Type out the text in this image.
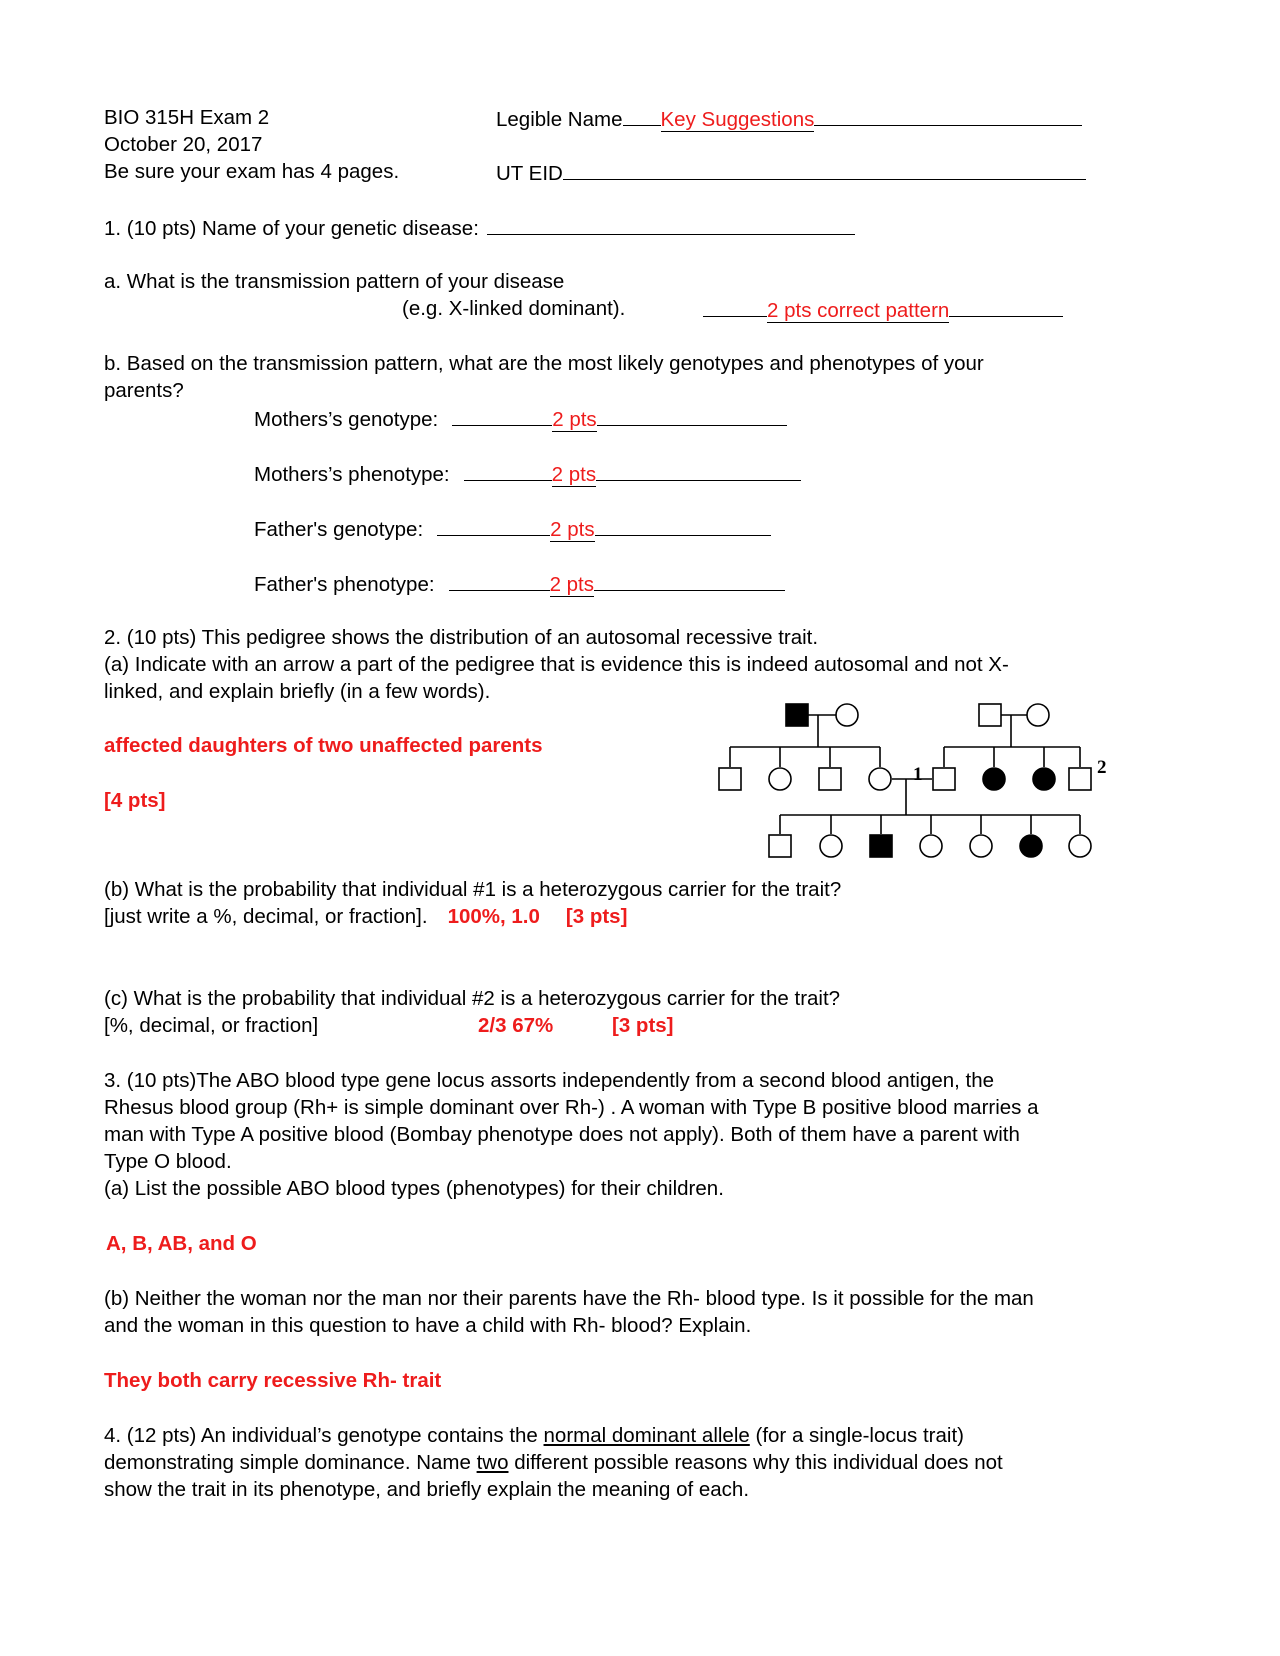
BIO 315H Exam 2
October 20, 2017
Be sure your exam has 4 pages.
Legible Name Key Suggestions
UT EID
1. (10 pts) Name of your genetic disease:
a. What is the transmission pattern of your disease
(e.g. X-linked dominant).	2 pts correct pattern
b. Based on the transmission pattern, what are the most likely genotypes and phenotypes of your
parents?
Mothers’s genotype:	2 pts
Mothers’s phenotype:	2 pts
Father's genotype:	2 pts
Father's phenotype:	2 pts
2. (10 pts) This pedigree shows the distribution of an autosomal recessive trait.
(a) Indicate with an arrow a part of the pedigree that is evidence this is indeed autosomal and not X-
linked, and explain briefly (in a few words).
affected daughters of two unaffected parents
[4 pts]
1	2
(b) What is the probability that individual #1 is a heterozygous carrier for the trait?
[just write a %, decimal, or fraction]. 100%, 1.0 [3 pts]
(c) What is the probability that individual #2 is a heterozygous carrier for the trait?
[%, decimal, or fraction]	2/3 67%	[3 pts]
3. (10 pts)The ABO blood type gene locus assorts independently from a second blood antigen, the
Rhesus blood group (Rh+ is simple dominant over Rh-) . A woman with Type B positive blood marries a
man with Type A positive blood (Bombay phenotype does not apply). Both of them have a parent with
Type O blood.
(a) List the possible ABO blood types (phenotypes) for their children.
A, B, AB, and O
(b) Neither the woman nor the man nor their parents have the Rh- blood type. Is it possible for the man
and the woman in this question to have a child with Rh- blood? Explain.
They both carry recessive Rh- trait
4. (12 pts) An individual’s genotype contains the normal dominant allele (for a single-locus trait)
demonstrating simple dominance. Name two different possible reasons why this individual does not
show the trait in its phenotype, and briefly explain the meaning of each.
